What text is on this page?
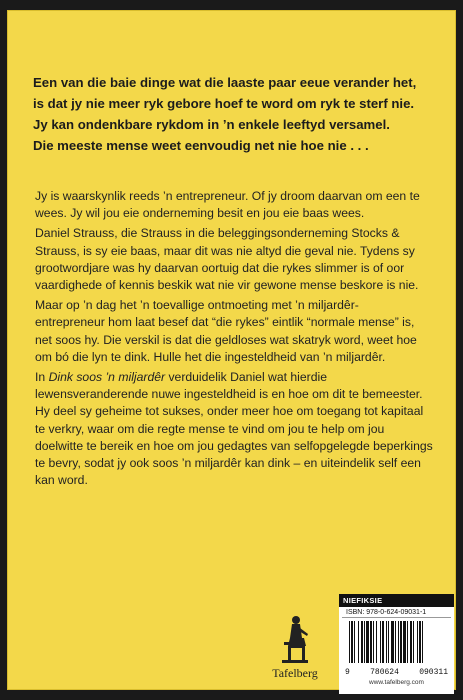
Een van die baie dinge wat die laaste paar eeue verander het,
is dat jy nie meer ryk gebore hoef te word om ryk te sterf nie.
Jy kan ondenkbare rykdom in ’n enkele leeftyd versamel.
Die meeste mense weet eenvoudig net nie hoe nie . . .
Jy is waarskynlik reeds ’n entrepreneur. Of jy droom daarvan om een te
wees. Jy wil jou eie onderneming besit en jou eie baas wees.
Daniel Strauss, die Strauss in die beleggingsonderneming Stocks &
Strauss, is sy eie baas, maar dit was nie altyd die geval nie. Tydens sy
grootwordjare was hy daarvan oortuig dat die rykes slimmer is of oor
vaardighede of kennis beskik wat nie vir gewone mense beskore is nie.
Maar op ’n dag het ’n toevallige ontmoeting met ’n miljardêr-
entrepreneur hom laat besef dat “die rykes” eintlik “normale mense” is,
net soos hy. Die verskil is dat die geldloses wat skatryk word, weet hoe
om bó die lyn te dink. Hulle het die ingesteldheid van ’n miljardêr.
In Dink soos ’n miljardêr verduidelik Daniel wat hierdie
lewensveranderende nuwe ingesteldheid is en hoe om dit te bemeester.
Hy deel sy geheime tot sukses, onder meer hoe om toegang tot kapitaal
te verkry, waar om die regte mense te vind om jou te help om jou
doelwitte te bereik en hoe om jou gedagtes van selfopgelegde beperkings
te bevry, sodat jy ook soos ’n miljardêr kan dink – en uiteindelik self een
kan word.
Tafelberg
NIEFIKSIE
ISBN: 978-0-624-09031-1
9	780624	090311
www.tafelberg.com
